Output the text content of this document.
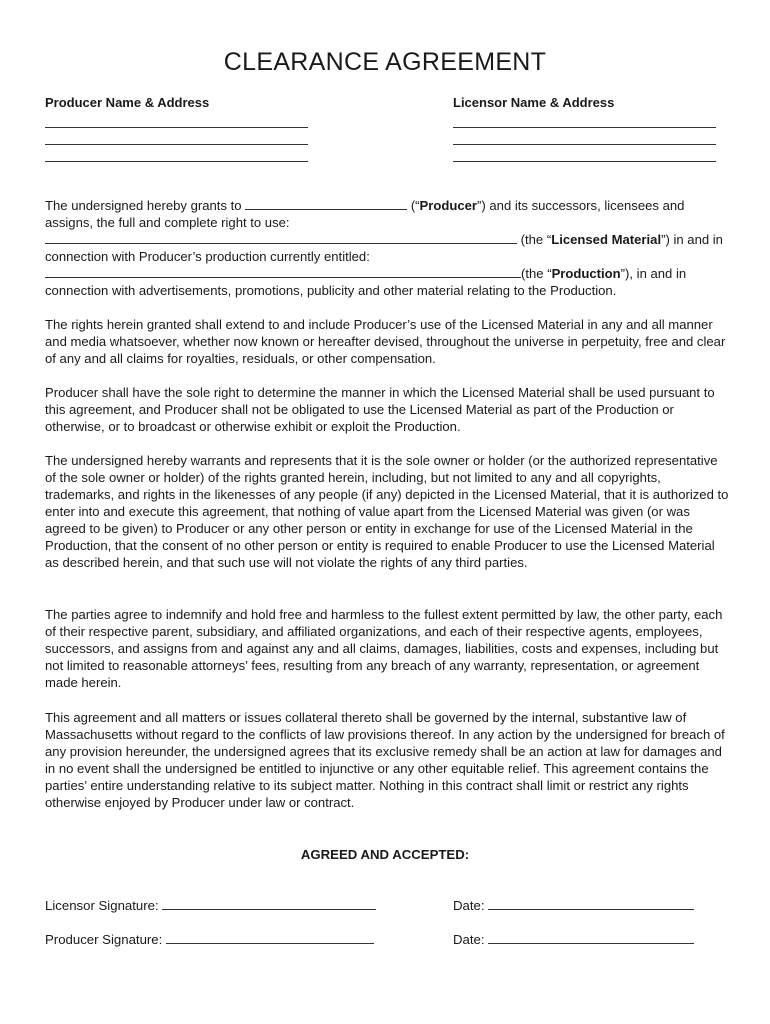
CLEARANCE AGREEMENT
Producer Name & Address	Licensor Name & Address

The undersigned hereby grants to	(“Producer”) and its successors, licensees and assigns, the full and complete right to use:
(the “Licensed Material”) in and in connection with Producer’s production currently entitled:
(the “Production”), in and in connection with advertisements, promotions, publicity and other material relating to the Production.

The rights herein granted shall extend to and include Producer’s use of the Licensed Material in any and all manner and media whatsoever, whether now known or hereafter devised, throughout the universe in perpetuity, free and clear of any and all claims for royalties, residuals, or other compensation.
Producer shall have the sole right to determine the manner in which the Licensed Material shall be used pursuant to this agreement, and Producer shall not be obligated to use the Licensed Material as part of the Production or otherwise, or to broadcast or otherwise exhibit or exploit the Production.
The undersigned hereby warrants and represents that it is the sole owner or holder (or the authorized representative of the sole owner or holder) of the rights granted herein, including, but not limited to any and all copyrights, trademarks, and rights in the likenesses of any people (if any) depicted in the Licensed Material, that it is authorized to enter into and execute this agreement, that nothing of value apart from the Licensed Material was given (or was agreed to be given) to Producer or any other person or entity in exchange for use of the Licensed Material in the Production, that the consent of no other person or entity is required to enable Producer to use the Licensed Material as described herein, and that such use will not violate the rights of any third parties.
The parties agree to indemnify and hold free and harmless to the fullest extent permitted by law, the other party, each of their respective parent, subsidiary, and affiliated organizations, and each of their respective agents, employees, successors, and assigns from and against any and all claims, damages, liabilities, costs and expenses, including but not limited to reasonable attorneys’ fees, resulting from any breach of any warranty, representation, or agreement made herein.
This agreement and all matters or issues collateral thereto shall be governed by the internal, substantive law of Massachusetts without regard to the conflicts of law provisions thereof. In any action by the undersigned for breach of any provision hereunder, the undersigned agrees that its exclusive remedy shall be an action at law for damages and in no event shall the undersigned be entitled to injunctive or any other equitable relief. This agreement contains the parties’ entire understanding relative to its subject matter. Nothing in this contract shall limit or restrict any rights otherwise enjoyed by Producer under law or contract.
AGREED AND ACCEPTED:
Licensor Signature:	Date:
Producer Signature:	Date:
